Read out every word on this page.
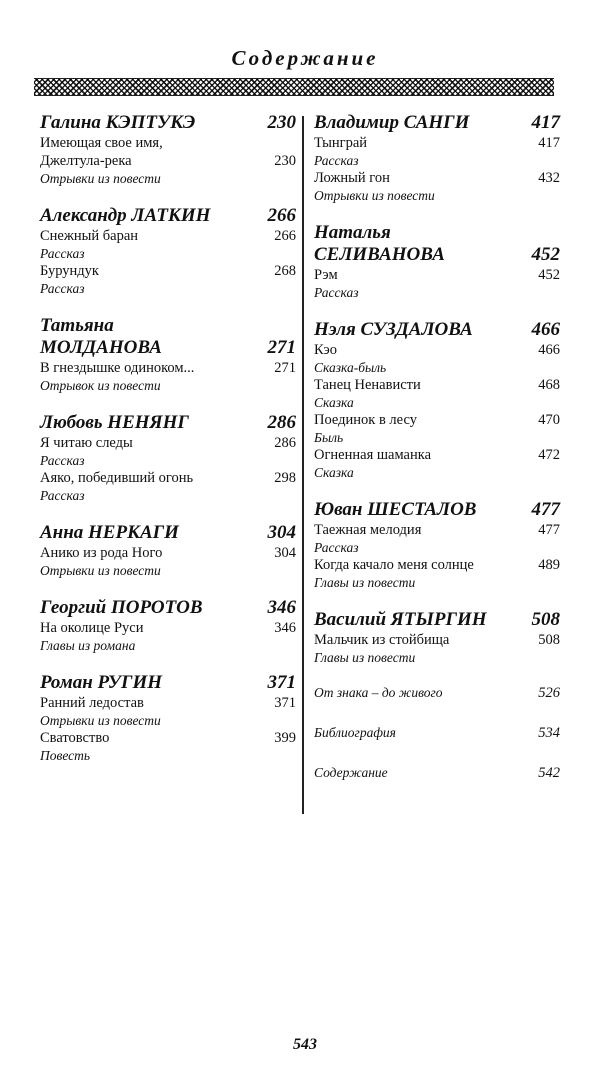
Содержание
Галина КЭПТУКЭ	230
Имеющая свое имя,
Джелтула-река	230
Отрывки из повести
Александр ЛАТКИН	266
Снежный баран	266
Рассказ
Бурундук	268
Рассказ
Татьяна
МОЛДАНОВА	271
В гнездышке одиноком...	271
Отрывок из повести
Любовь НЕНЯНГ	286
Я читаю следы	286
Рассказ
Аяко, победивший огонь	298
Рассказ
Анна НЕРКАГИ	304
Анико из рода Ного	304
Отрывки из повести
Георгий ПОРОТОВ	346
На околице Руси	346
Главы из романа
Роман РУГИН	371
Ранний ледостав	371
Отрывки из повести
Сватовство	399
Повесть
Владимир САНГИ	417
Тынграй	417
Рассказ
Ложный гон	432
Отрывки из повести
Наталья
СЕЛИВАНОВА	452
Рэм	452
Рассказ
Нэля СУЗДАЛОВА	466
Кэо	466
Сказка-быль
Танец Ненависти	468
Сказка
Поединок в лесу	470
Быль
Огненная шаманка	472
Сказка
Юван ШЕСТАЛОВ	477
Таежная мелодия	477
Рассказ
Когда качало меня солнце	489
Главы из повести
Василий ЯТЫРГИН 508
Мальчик из стойбища	508
Главы из повести
От знака – до живого	526
Библиография	534
Содержание	542
543
